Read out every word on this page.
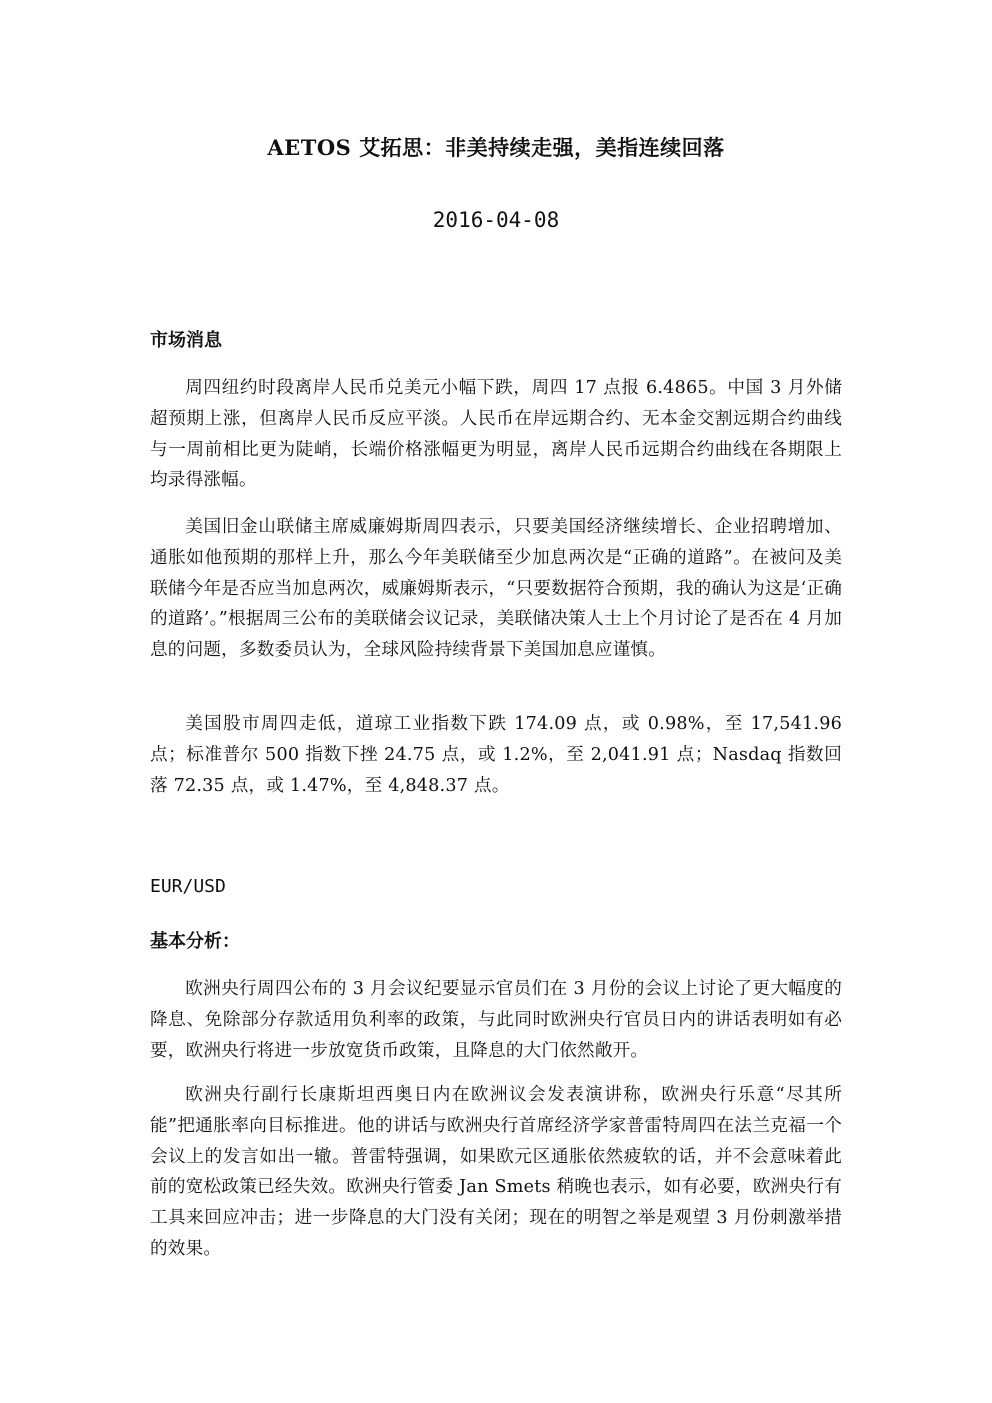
AETOS 艾拓思：非美持续走强，美指连续回落
2016-04-08
市场消息

周四纽约时段离岸人民币兑美元小幅下跌，周四 17 点报 6.4865。中国 3 月外储超预期上涨，但离岸人民币反应平淡。人民币在岸远期合约、无本金交割远期合约曲线与一周前相比更为陡峭，长端价格涨幅更为明显，离岸人民币远期合约曲线在各期限上均录得涨幅。

美国旧金山联储主席威廉姆斯周四表示，只要美国经济继续增长、企业招聘增加、通胀如他预期的那样上升，那么今年美联储至少加息两次是“正确的道路”。在被问及美联储今年是否应当加息两次，威廉姆斯表示，“只要数据符合预期，我的确认为这是‘正确的道路’。”根据周三公布的美联储会议记录，美联储决策人士上个月讨论了是否在 4 月加息的问题，多数委员认为，全球风险持续背景下美国加息应谨慎。

美国股市周四走低，道琼工业指数下跌 174.09 点，或 0.98%，至 17,541.96 点；标准普尔 500 指数下挫 24.75 点，或 1.2%，至 2,041.91 点；Nasdaq 指数回落 72.35 点，或 1.47%，至 4,848.37 点。

EUR/USD
基本分析：

欧洲央行周四公布的 3 月会议纪要显示官员们在 3 月份的会议上讨论了更大幅度的降息、免除部分存款适用负利率的政策，与此同时欧洲央行官员日内的讲话表明如有必要，欧洲央行将进一步放宽货币政策，且降息的大门依然敞开。

欧洲央行副行长康斯坦西奥日内在欧洲议会发表演讲称，欧洲央行乐意“尽其所能”把通胀率向目标推进。他的讲话与欧洲央行首席经济学家普雷特周四在法兰克福一个会议上的发言如出一辙。普雷特强调，如果欧元区通胀依然疲软的话，并不会意味着此前的宽松政策已经失效。欧洲央行管委 Jan Smets 稍晚也表示，如有必要，欧洲央行有工具来回应冲击；进一步降息的大门没有关闭；现在的明智之举是观望 3 月份刺激举措的效果。
